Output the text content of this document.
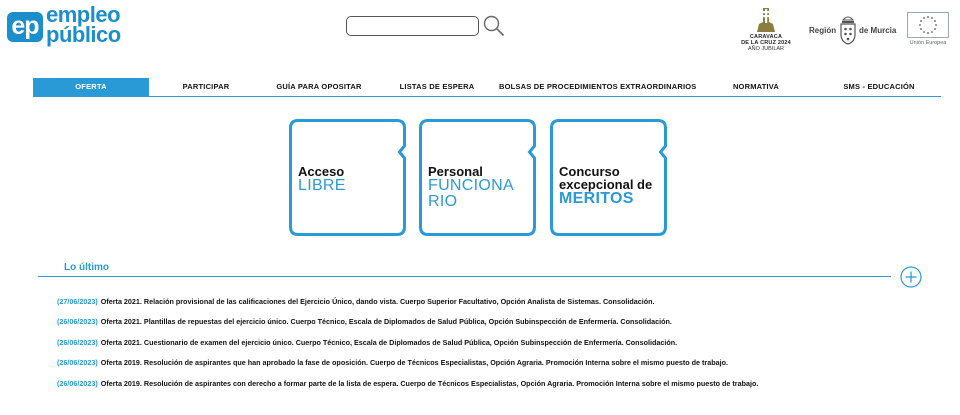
ep empleo
público	CARAVACA
DE LA CRUZ 2024
AÑO JUBILAR
Región	de Murcia
Unión Europea
OFERTA	PARTICIPAR	GUÍA PARA OPOSITAR	LISTAS DE ESPERA	BOLSAS DE PROCEDIMIENTOS EXTRAORDINARIOS	NORMATIVA	SMS - EDUCACIÓN
Acceso
LIBRE
Personal
FUNCIONA
RIO
Concurso
excepcional de
MERITOS
Lo último
(27/06/2023) Oferta 2021. Relación provisional de las calificaciones del Ejercicio Único, dando vista. Cuerpo Superior Facultativo, Opción Analista de Sistemas. Consolidación.
(26/06/2023) Oferta 2021. Plantillas de repuestas del ejercicio único. Cuerpo Técnico, Escala de Diplomados de Salud Pública, Opción Subinspección de Enfermería. Consolidación.
(26/06/2023) Oferta 2021. Cuestionario de examen del ejercicio único. Cuerpo Técnico, Escala de Diplomados de Salud Pública, Opción Subinspección de Enfermería. Consolidación.
(26/06/2023) Oferta 2019. Resolución de aspirantes que han aprobado la fase de oposición. Cuerpo de Técnicos Especialistas, Opción Agraria. Promoción Interna sobre el mismo puesto de trabajo.
(26/06/2023) Oferta 2019. Resolución de aspirantes con derecho a formar parte de la lista de espera. Cuerpo de Técnicos Especialistas, Opción Agraria. Promoción Interna sobre el mismo puesto de trabajo.
